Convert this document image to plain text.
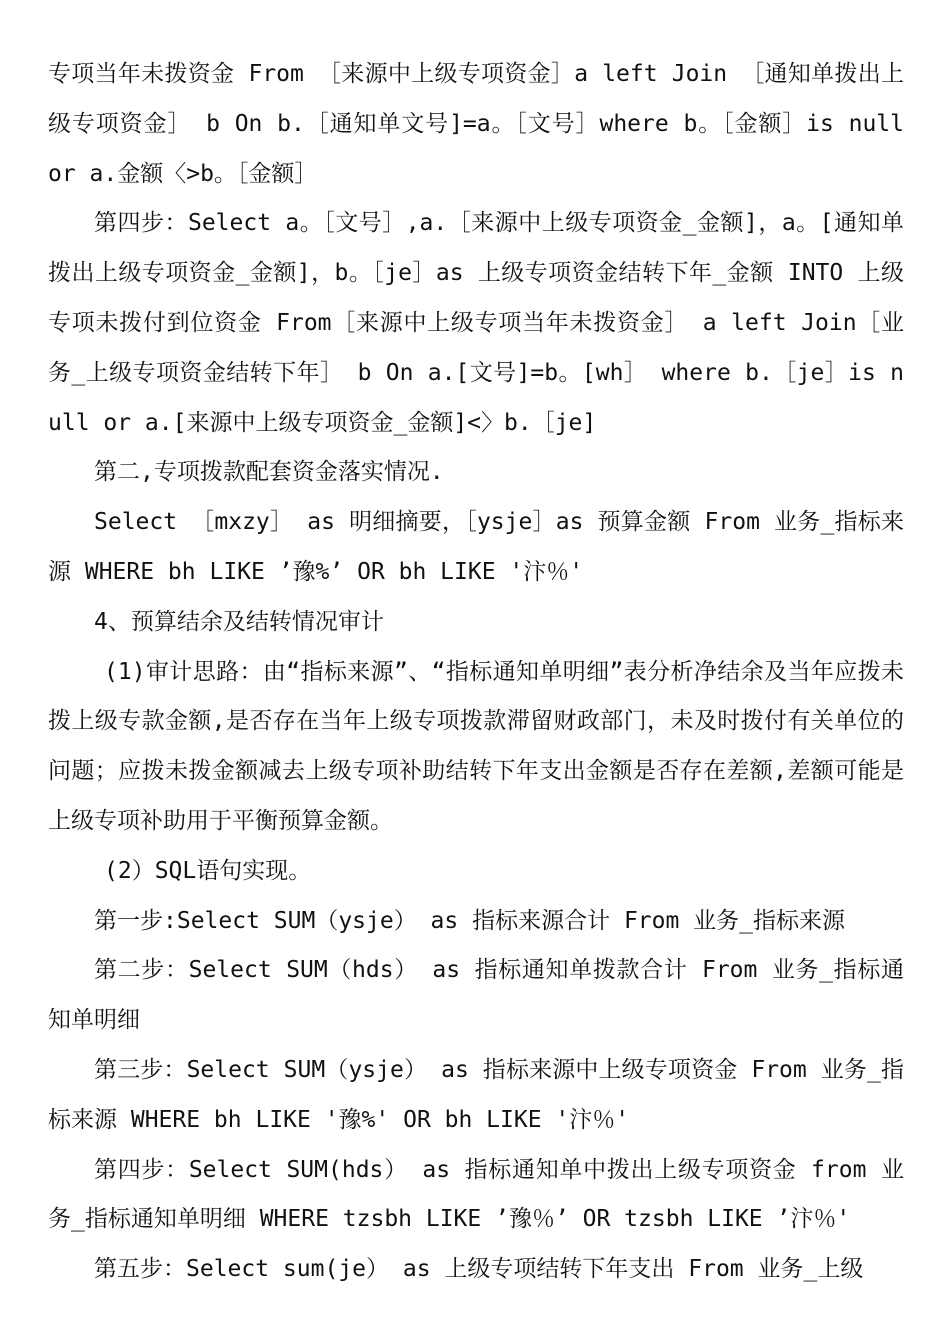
专项当年未拨资金 From ［来源中上级专项资金］a left Join ［通知单拨出上级专项资金］ b On b.［通知单文号]=a。［文号］where b。［金额］is null or a.金额〈>b。［金额］

第四步：Select a。［文号］,a.［来源中上级专项资金_金额]，a。[通知单拨出上级专项资金_金额]，b。［je］as 上级专项资金结转下年_金额 INTO 上级专项未拨付到位资金 From［来源中上级专项当年未拨资金］ a left Join［业务_上级专项资金结转下年］ b On a.[文号]=b。[wh］ where b.［je］is null or a.[来源中上级专项资金_金额]<〉b.［je]

第二,专项拨款配套资金落实情况.

Select ［mxzy］ as 明细摘要，［ysje］as 预算金额 From 业务_指标来源 WHERE bh LIKE ’豫%’ OR bh LIKE '汴％'

4、预算结余及结转情况审计

(1)审计思路：由“指标来源”、“指标通知单明细”表分析净结余及当年应拨未拨上级专款金额,是否存在当年上级专项拨款滞留财政部门，未及时拨付有关单位的问题；应拨未拨金额减去上级专项补助结转下年支出金额是否存在差额,差额可能是上级专项补助用于平衡预算金额。

(2）SQL语句实现。

第一步:Select SUM（ysje） as 指标来源合计 From 业务_指标来源

第二步：Select SUM（hds） as 指标通知单拨款合计 From 业务_指标通知单明细

第三步：Select SUM（ysje） as 指标来源中上级专项资金 From 业务_指标来源 WHERE bh LIKE '豫%' OR bh LIKE '汴％'

第四步：Select SUM(hds） as 指标通知单中拨出上级专项资金 from 业务_指标通知单明细 WHERE tzsbh LIKE ’豫％’ OR tzsbh LIKE ’汴％'

第五步：Select sum(je） as 上级专项结转下年支出 From 业务_上级
